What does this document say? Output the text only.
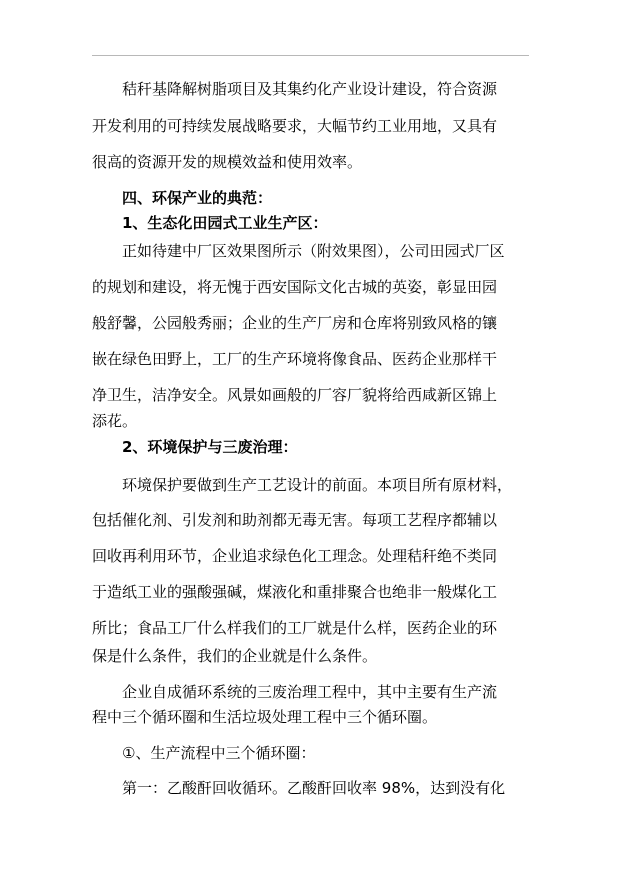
秸秆基降解树脂项目及其集约化产业设计建设，符合资源
开发利用的可持续发展战略要求，大幅节约工业用地，又具有
很高的资源开发的规模效益和使用效率。
四、环保产业的典范：
1、生态化田园式工业生产区：
正如待建中厂区效果图所示（附效果图），公司田园式厂区
的规划和建设，将无愧于西安国际文化古城的英姿，彰显田园
般舒馨，公园般秀丽；企业的生产厂房和仓库将别致风格的镶
嵌在绿色田野上，工厂的生产环境将像食品、医药企业那样干
净卫生，洁净安全。风景如画般的厂容厂貌将给西咸新区锦上
添花。
2、环境保护与三废治理：
环境保护要做到生产工艺设计的前面。本项目所有原材料，
包括催化剂、引发剂和助剂都无毒无害。每项工艺程序都辅以
回收再利用环节，企业追求绿色化工理念。处理秸秆绝不类同
于造纸工业的强酸强碱，煤液化和重排聚合也绝非一般煤化工
所比；食品工厂什么样我们的工厂就是什么样，医药企业的环
保是什么条件，我们的企业就是什么条件。
企业自成循环系统的三废治理工程中，其中主要有生产流
程中三个循环圈和生活垃圾处理工程中三个循环圈。
①、生产流程中三个循环圈：
第一：乙酸酐回收循环。乙酸酐回收率 98%，达到没有化
